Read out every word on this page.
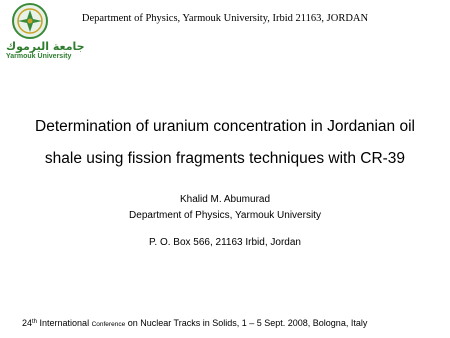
جامعة اليرموك
Yarmouk University
Department of Physics, Yarmouk University, Irbid 21163, JORDAN
Determination of uranium concentration in Jordanian oil
shale using fission fragments techniques with CR-39
Khalid M. Abumurad
Department of Physics, Yarmouk University
P. O. Box 566, 21163 Irbid, Jordan
24th International Conference on Nuclear Tracks in Solids, 1 – 5 Sept. 2008, Bologna, Italy
